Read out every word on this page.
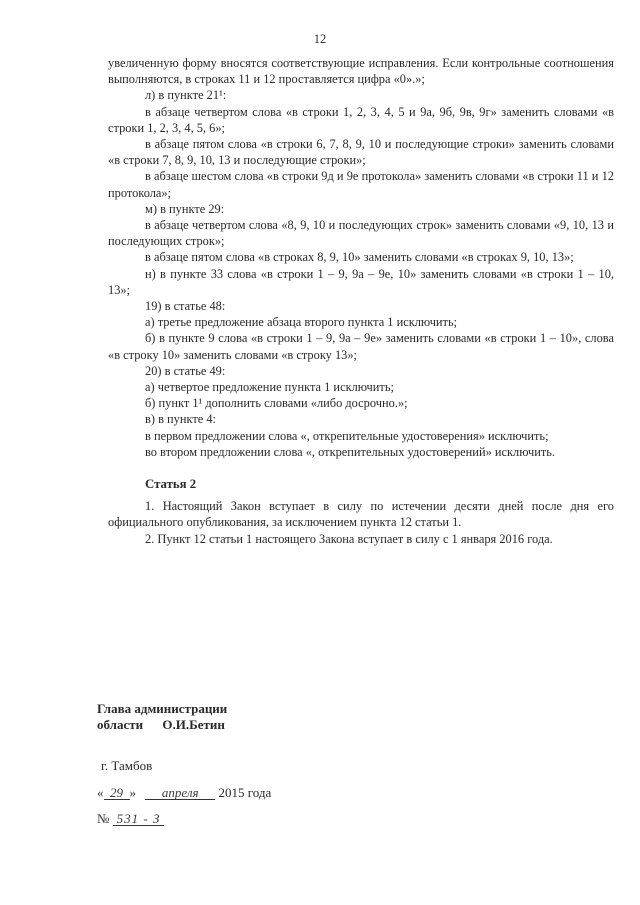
12

увеличенную форму вносятся соответствующие исправления. Если контрольные соотношения выполняются, в строках 11 и 12 проставляется цифра «0».»;

л) в пункте 21¹:

в абзаце четвертом слова «в строки 1, 2, 3, 4, 5 и 9а, 9б, 9в, 9г» заменить словами «в строки 1, 2, 3, 4, 5, 6»;

в абзаце пятом слова «в строки 6, 7, 8, 9, 10 и последующие строки» заменить словами «в строки 7, 8, 9, 10, 13 и последующие строки»;

в абзаце шестом слова «в строки 9д и 9е протокола» заменить словами «в строки 11 и 12 протокола»;

м) в пункте 29:

в абзаце четвертом слова «8, 9, 10 и последующих строк» заменить словами «9, 10, 13 и последующих строк»;

в абзаце пятом слова «в строках 8, 9, 10» заменить словами «в строках 9, 10, 13»;

н) в пункте 33 слова «в строки 1 – 9, 9а – 9е, 10» заменить словами «в строки 1 – 10, 13»;

19) в статье 48:

а) третье предложение абзаца второго пункта 1 исключить;

б) в пункте 9 слова «в строки 1 – 9, 9а – 9е» заменить словами «в строки 1 – 10», слова «в строку 10» заменить словами «в строку 13»;

20) в статье 49:

а) четвертое предложение пункта 1 исключить;

б) пункт 1¹ дополнить словами «либо досрочно.»;

в) в пункте 4:

в первом предложении слова «, открепительные удостоверения» исключить;

во втором предложении слова «, открепительных удостоверений» исключить.

Статья 2

1. Настоящий Закон вступает в силу по истечении десяти дней после дня его официального опубликования, за исключением пункта 12 статьи 1.

2. Пункт 12 статьи 1 настоящего Закона вступает в силу с 1 января 2016 года.

Глава администрации
области О.И.Бетин
г. Тамбов
« 29 » апреля 2015 года
№ 531 - З
